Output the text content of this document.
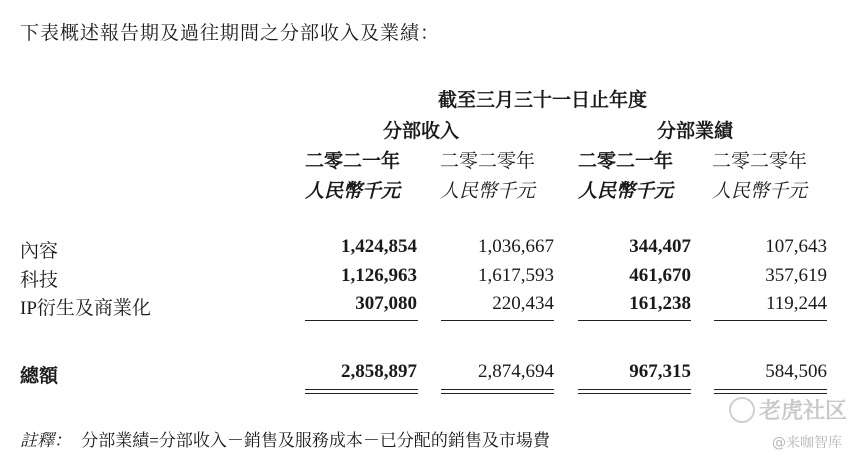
下表概述報告期及過往期間之分部收入及業績：
截至三月三十一日止年度
分部收入	分部業績
二零二一年 二零二零年 二零二一年 二零二零年
人民幣千元 人民幣千元 人民幣千元 人民幣千元
內容	1,424,854	1,036,667	344,407	107,643
科技	1,126,963	1,617,593	461,670	357,619
IP衍生及商業化	307,080	220,434	161,238	119,244
總額	2,858,897	2,874,694	967,315	584,506
註釋： 分部業績=分部收入－銷售及服務成本－已分配的銷售及市場費
老虎社区
@来咖智库
